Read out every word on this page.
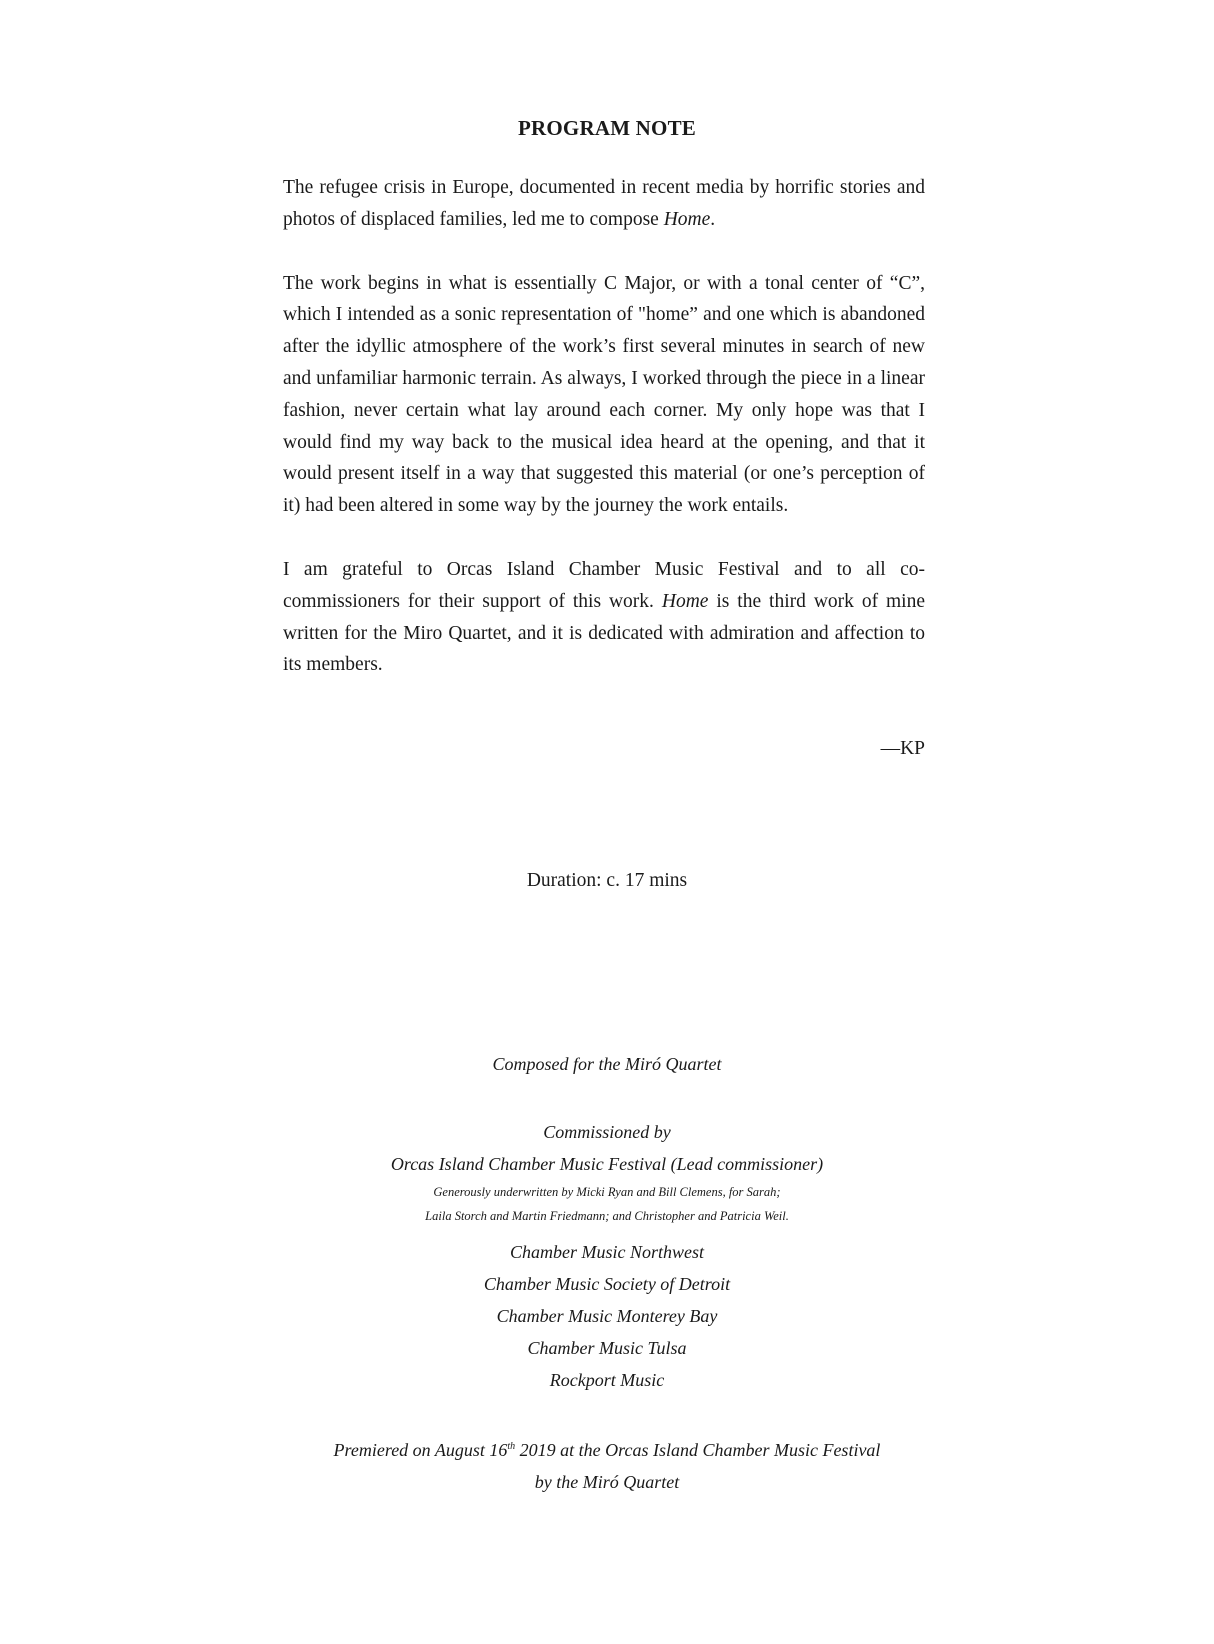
PROGRAM NOTE

The refugee crisis in Europe, documented in recent media by horrific stories and photos of displaced families, led me to compose Home.

The work begins in what is essentially C Major, or with a tonal center of “C”, which I intended as a sonic representation of "home” and one which is abandoned after the idyllic atmosphere of the work’s first several minutes in search of new and unfamiliar harmonic terrain. As always, I worked through the piece in a linear fashion, never certain what lay around each corner. My only hope was that I would find my way back to the musical idea heard at the opening, and that it would present itself in a way that suggested this material (or one’s perception of it) had been altered in some way by the journey the work entails.

I am grateful to Orcas Island Chamber Music Festival and to all co-commissioners for their support of this work. Home is the third work of mine written for the Miro Quartet, and it is dedicated with admiration and affection to its members.

—KP
Duration: c. 17 mins
Composed for the Miró Quartet
Commissioned by
Orcas Island Chamber Music Festival (Lead commissioner)
Generously underwritten by Micki Ryan and Bill Clemens, for Sarah;
Laila Storch and Martin Friedmann; and Christopher and Patricia Weil.
Chamber Music Northwest
Chamber Music Society of Detroit
Chamber Music Monterey Bay
Chamber Music Tulsa
Rockport Music
Premiered on August 16th 2019 at the Orcas Island Chamber Music Festival
by the Miró Quartet
